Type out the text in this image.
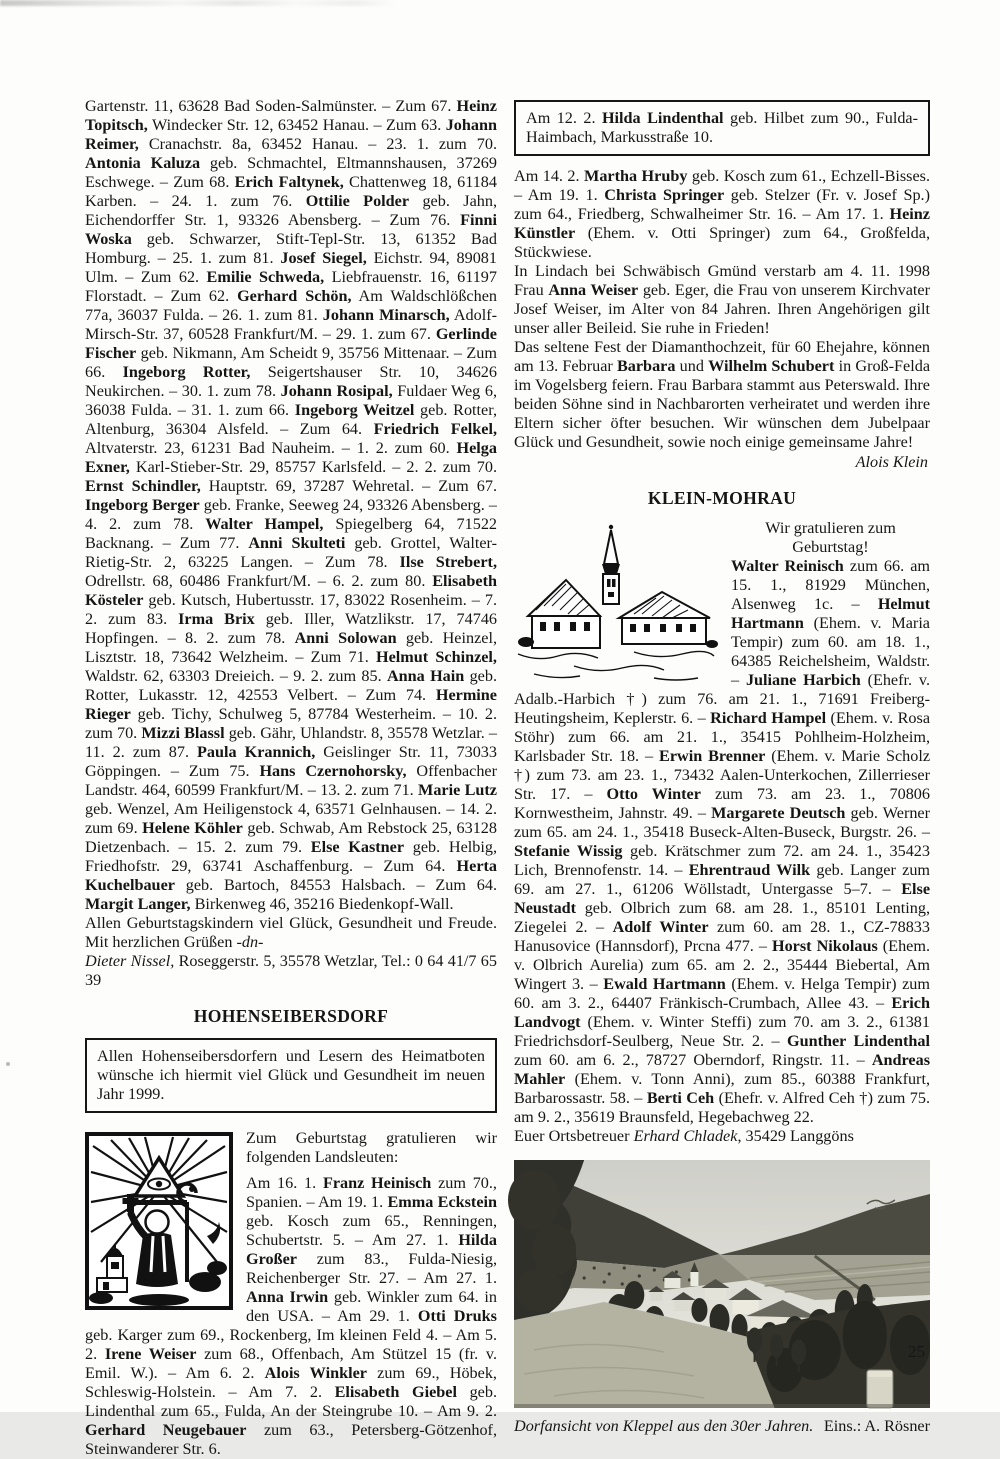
Gartenstr. 11, 63628 Bad Soden-Salmünster. – Zum 67. Heinz Topitsch, Windecker Str. 12, 63452 Hanau. – Zum 63. Johann Reimer, Cranachstr. 8a, 63452 Hanau. – 23. 1. zum 70. Antonia Kaluza geb. Schmachtel, Eltmannshausen, 37269 Eschwege. – Zum 68. Erich Faltynek, Chattenweg 18, 61184 Karben. – 24. 1. zum 76. Ottilie Polder geb. Jahn, Eichendorffer Str. 1, 93326 Abensberg. – Zum 76. Finni Woska geb. Schwarzer, Stift-Tepl-Str. 13, 61352 Bad Homburg. – 25. 1. zum 81. Josef Siegel, Eichstr. 94, 89081 Ulm. – Zum 62. Emilie Schweda, Liebfrauenstr. 16, 61197 Florstadt. – Zum 62. Gerhard Schön, Am Waldschlößchen 77a, 36037 Fulda. – 26. 1. zum 81. Johann Minarsch, Adolf-Mirsch-Str. 37, 60528 Frankfurt/M. – 29. 1. zum 67. Gerlinde Fischer geb. Nikmann, Am Scheidt 9, 35756 Mittenaar. – Zum 66. Ingeborg Rotter, Seigertshauser Str. 10, 34626 Neukirchen. – 30. 1. zum 78. Johann Rosipal, Fuldaer Weg 6, 36038 Fulda. – 31. 1. zum 66. Ingeborg Weitzel geb. Rotter, Altenburg, 36304 Alsfeld. – Zum 64. Friedrich Felkel, Altvaterstr. 23, 61231 Bad Nauheim. – 1. 2. zum 60. Helga Exner, Karl-Stieber-Str. 29, 85757 Karlsfeld. – 2. 2. zum 70. Ernst Schindler, Hauptstr. 69, 37287 Wehretal. – Zum 67. Ingeborg Berger geb. Franke, Seeweg 24, 93326 Abensberg. – 4. 2. zum 78. Walter Hampel, Spiegelberg 64, 71522 Backnang. – Zum 77. Anni Skulteti geb. Grottel, Walter-Rietig-Str. 2, 63225 Langen. – Zum 78. Ilse Strebert, Odrellstr. 68, 60486 Frankfurt/M. – 6. 2. zum 80. Elisabeth Kösteler geb. Kutsch, Hubertusstr. 17, 83022 Rosenheim. – 7. 2. zum 83. Irma Brix geb. Iller, Watzlikstr. 17, 74746 Hopfingen. – 8. 2. zum 78. Anni Solowan geb. Heinzel, Lisztstr. 18, 73642 Welzheim. – Zum 71. Helmut Schinzel, Waldstr. 62, 63303 Dreieich. – 9. 2. zum 85. Anna Hain geb. Rotter, Lukasstr. 12, 42553 Velbert. – Zum 74. Hermine Rieger geb. Tichy, Schulweg 5, 87784 Westerheim. – 10. 2. zum 70. Mizzi Blassl geb. Gähr, Uhlandstr. 8, 35578 Wetzlar. – 11. 2. zum 87. Paula Krannich, Geislinger Str. 11, 73033 Göppingen. – Zum 75. Hans Czernohorsky, Offenbacher Landstr. 464, 60599 Frankfurt/M. – 13. 2. zum 71. Marie Lutz geb. Wenzel, Am Heiligenstock 4, 63571 Gelnhausen. – 14. 2. zum 69. Helene Köhler geb. Schwab, Am Rebstock 25, 63128 Dietzenbach. – 15. 2. zum 79. Else Kastner geb. Helbig, Friedhofstr. 29, 63741 Aschaffenburg. – Zum 64. Herta Kuchelbauer geb. Bartoch, 84553 Halsbach. – Zum 64. Margit Langer, Birkenweg 46, 35216 Biedenkopf-Wall.

Allen Geburtstagskindern viel Glück, Gesundheit und Freude. Mit herzlichen Grüßen -dn-

Dieter Nissel, Roseggerstr. 5, 35578 Wetzlar, Tel.: 0 64 41/7 65 39

HOHENSEIBERSDORF

Allen Hohenseibersdorfern und Lesern des Heimatboten wünsche ich hiermit viel Glück und Gesundheit im neuen Jahr 1999.

Zum Geburtstag gratulieren wir folgenden Landsleuten:

Am 16. 1. Franz Heinisch zum 70., Spanien. – Am 19. 1. Emma Eckstein geb. Kosch zum 65., Renningen, Schubertstr. 5. – Am 27. 1. Hilda Großer zum 83., Fulda-Niesig, Reichenberger Str. 27. – Am 27. 1. Anna Irwin geb. Winkler zum 64. in den USA. – Am 29. 1. Otti Druks geb. Karger zum 69., Rockenberg, Im kleinen Feld 4. – Am 5. 2. Irene Weiser zum 68., Offenbach, Am Stützel 15 (fr. v. Emil. W.). – Am 6. 2. Alois Winkler zum 69., Höbek, Schleswig-Holstein. – Am 7. 2. Elisabeth Giebel geb. Lindenthal zum 65., Fulda, An der Steingrube 10. – Am 9. 2. Gerhard Neugebauer zum 63., Petersberg-Götzenhof, Steinwanderer Str. 6.

Am 12. 2. Hilda Lindenthal geb. Hilbet zum 90., Fulda-Haimbach, Markusstraße 10.

Am 14. 2. Martha Hruby geb. Kosch zum 61., Echzell-Bisses. – Am 19. 1. Christa Springer geb. Stelzer (Fr. v. Josef Sp.) zum 64., Friedberg, Schwalheimer Str. 16. – Am 17. 1. Heinz Künstler (Ehem. v. Otti Springer) zum 64., Großfelda, Stückwiese.

In Lindach bei Schwäbisch Gmünd verstarb am 4. 11. 1998 Frau Anna Weiser geb. Eger, die Frau von unserem Kirchvater Josef Weiser, im Alter von 84 Jahren. Ihren Angehörigen gilt unser aller Beileid. Sie ruhe in Frieden!

Das seltene Fest der Diamanthochzeit, für 60 Ehejahre, können am 13. Februar Barbara und Wilhelm Schubert in Groß-Felda im Vogelsberg feiern. Frau Barbara stammt aus Peterswald. Ihre beiden Söhne sind in Nachbarorten verheiratet und werden ihre Eltern sicher öfter besuchen. Wir wünschen dem Jubelpaar Glück und Gesundheit, sowie noch einige gemeinsame Jahre!

Alois Klein

KLEIN-MOHRAU

Wir gratulieren zum Geburtstag!

Walter Reinisch zum 66. am 15. 1., 81929 München, Alsenweg 1c. – Helmut Hartmann (Ehem. v. Maria Tempir) zum 60. am 18. 1., 64385 Reichelsheim, Waldstr. – Juliane Harbich (Ehefr. v. Adalb.-Harbich †) zum 76. am 21. 1., 71691 Freiberg-Heutingsheim, Keplerstr. 6. – Richard Hampel (Ehem. v. Rosa Stöhr) zum 66. am 21. 1., 35415 Pohlheim-Holzheim, Karlsbader Str. 18. – Erwin Brenner (Ehem. v. Marie Scholz †) zum 73. am 23. 1., 73432 Aalen-Unterkochen, Zillerrieser Str. 17. – Otto Winter zum 73. am 23. 1., 70806 Kornwestheim, Jahnstr. 49. – Margarete Deutsch geb. Werner zum 65. am 24. 1., 35418 Buseck-Alten-Buseck, Burgstr. 26. – Stefanie Wissig geb. Krätschmer zum 72. am 24. 1., 35423 Lich, Brennofenstr. 14. – Ehrentraud Wilk geb. Langer zum 69. am 27. 1., 61206 Wöllstadt, Untergasse 5–7. – Else Neustadt geb. Olbrich zum 68. am 28. 1., 85101 Lenting, Ziegelei 2. – Adolf Winter zum 60. am 28. 1., CZ-78833 Hanusovice (Hannsdorf), Prcna 477. – Horst Nikolaus (Ehem. v. Olbrich Aurelia) zum 65. am 2. 2., 35444 Biebertal, Am Wingert 3. – Ewald Hartmann (Ehem. v. Helga Tempir) zum 60. am 3. 2., 64407 Fränkisch-Crumbach, Allee 43. – Erich Landvogt (Ehem. v. Winter Steffi) zum 70. am 3. 2., 61381 Friedrichsdorf-Seulberg, Neue Str. 2. – Gunther Lindenthal zum 60. am 6. 2., 78727 Oberndorf, Ringstr. 11. – Andreas Mahler (Ehem. v. Tonn Anni), zum 85., 60388 Frankfurt, Barbarossastr. 58. – Berti Ceh (Ehefr. v. Alfred Ceh †) zum 75. am 9. 2., 35619 Braunsfeld, Hegebachweg 22.

Euer Ortsbetreuer Erhard Chladek, 35429 Langgöns

Dorfansicht von Kleppel aus den 30er Jahren. Eins.: A. Rösner
25
